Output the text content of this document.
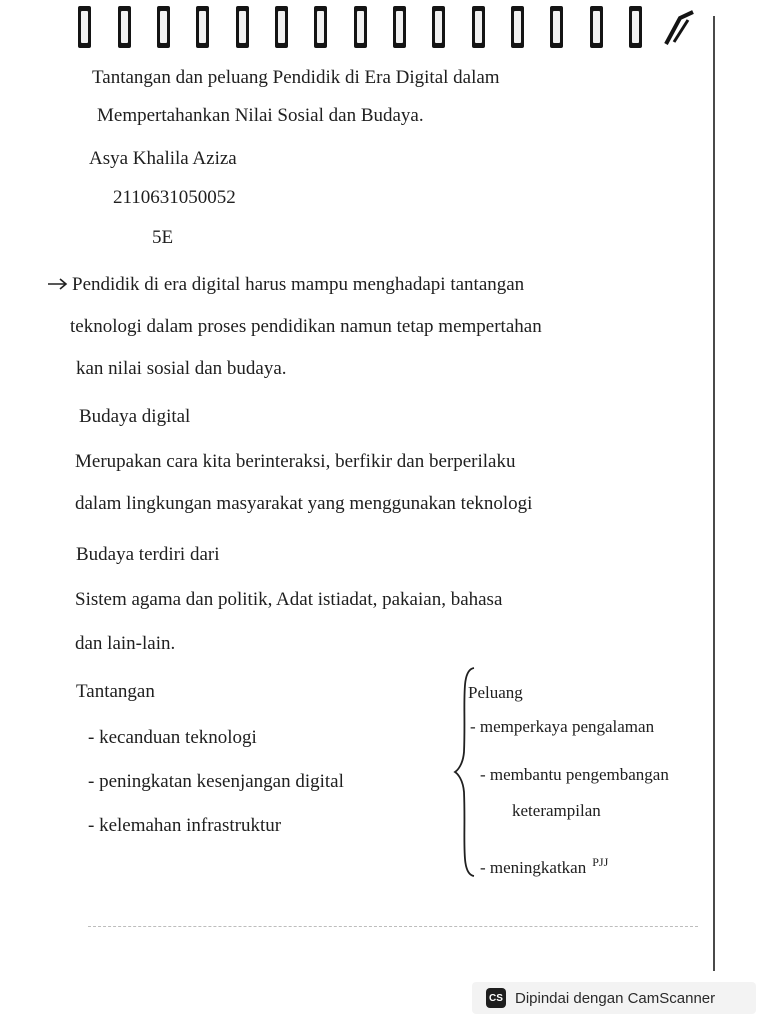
Tantangan dan peluang Pendidik di Era Digital dalam
Mempertahankan Nilai Sosial dan Budaya.
Asya Khalila Aziza
2110631050052
5E
Pendidik di era digital harus mampu menghadapi tantangan
teknologi dalam proses pendidikan namun tetap mempertahan
kan nilai sosial dan budaya.
Budaya digital
Merupakan cara kita berinteraksi, berfikir dan berperilaku
dalam lingkungan masyarakat yang menggunakan teknologi
Budaya terdiri dari
Sistem agama dan politik, Adat istiadat, pakaian, bahasa
dan lain-lain.
Tantangan
- kecanduan teknologi
- peningkatan kesenjangan digital
- kelemahan infrastruktur
Peluang
- memperkaya pengalaman
- membantu pengembangan
keterampilan
- meningkatkan $^{PJJ}$
CS Dipindai dengan CamScanner
